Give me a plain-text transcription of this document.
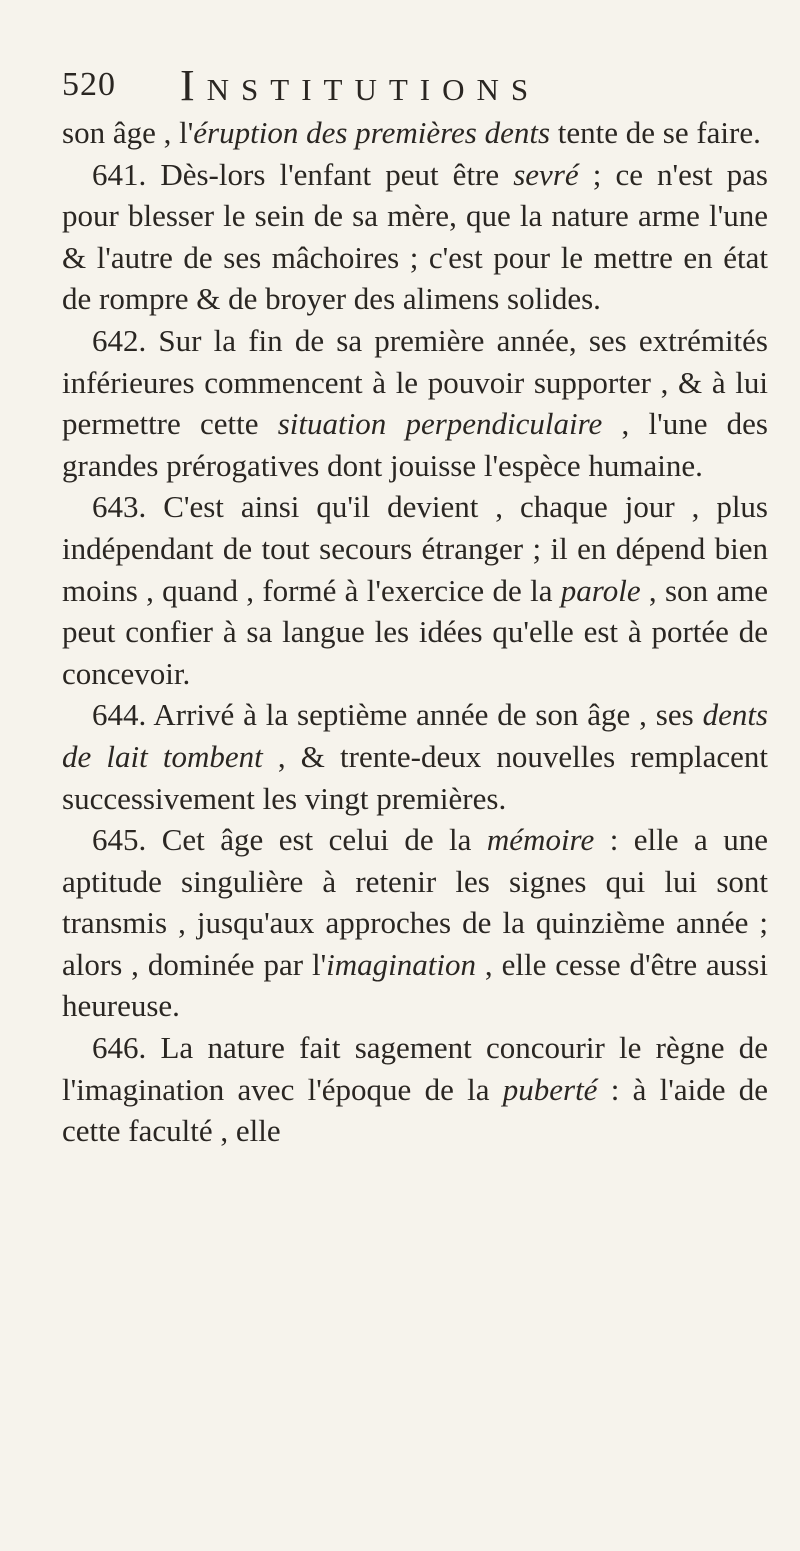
520 Institutions

son âge , l'éruption des premières dents tente de se faire.

641. Dès-lors l'enfant peut être sevré ; ce n'est pas pour blesser le sein de sa mère, que la nature arme l'une & l'autre de ses mâchoires ; c'est pour le mettre en état de rompre & de broyer des alimens solides.

642. Sur la fin de sa première année, ses extrémités inférieures commencent à le pouvoir supporter , & à lui permettre cette situation perpendiculaire , l'une des grandes prérogatives dont jouisse l'espèce humaine.

643. C'est ainsi qu'il devient , chaque jour , plus indépendant de tout secours étranger ; il en dépend bien moins , quand , formé à l'exercice de la parole , son ame peut confier à sa langue les idées qu'elle est à portée de concevoir.

644. Arrivé à la septième année de son âge , ses dents de lait tombent , & trente-deux nouvelles remplacent successivement les vingt premières.

645. Cet âge est celui de la mémoire : elle a une aptitude singulière à retenir les signes qui lui sont transmis , jusqu'aux approches de la quinzième année ; alors , dominée par l'imagination , elle cesse d'être aussi heureuse.

646. La nature fait sagement concourir le règne de l'imagination avec l'époque de la puberté : à l'aide de cette faculté , elle
